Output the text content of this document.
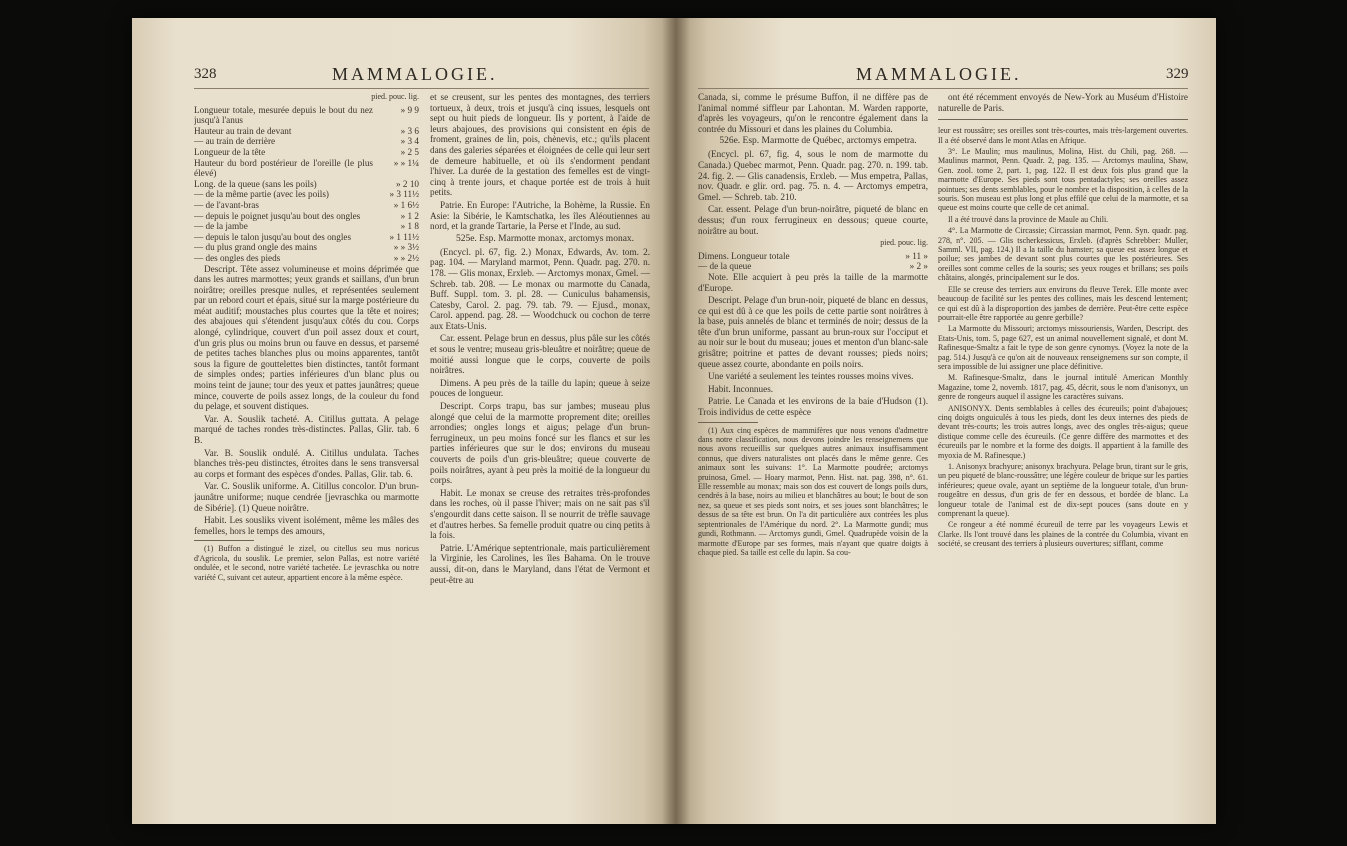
328	MAMMALOGIE.

pied. pouc. lig.

Longueur totale, mesurée depuis le bout du nez jusqu'à l'anus
» 9 9
Hauteur au train de devant	» 3 6
— au train de derrière	» 3 4
Longueur de la tête	» 2 5
Hauteur du bord postérieur de l'oreille (le plus élevé)
» » 1¼
Long. de la queue (sans les poils)	» 2 10
— de la même partie (avec les poils)	» 3 11½
— de l'avant-bras	» 1 6½
— depuis le poignet jusqu'au bout des ongles	» 1 2
— de la jambe	» 1 8
— depuis le talon jusqu'au bout des ongles	» 1 11½
— du plus grand ongle des mains	» » 3½
— des ongles des pieds	» » 2½

Descript. Tête assez volumineuse et moins déprimée que dans les autres marmottes; yeux grands et saillans, d'un brun noirâtre; oreilles presque nulles, et représentées seulement par un rebord court et épais, situé sur la marge postérieure du méat auditif; moustaches plus courtes que la tête et noires; des abajoues qui s'étendent jusqu'aux côtés du cou. Corps alongé, cylindrique, couvert d'un poil assez doux et court, d'un gris plus ou moins brun ou fauve en dessus, et parsemé de petites taches blanches plus ou moins apparentes, tantôt sous la figure de gouttelettes bien distinctes, tantôt formant de simples ondes; parties inférieures d'un blanc plus ou moins teint de jaune; tour des yeux et pattes jaunâtres; queue mince, couverte de poils assez longs, de la couleur du fond du pelage, et souvent distiques.

Var. A. Souslik tacheté. A. Citillus guttata. A pelage marqué de taches rondes très-distinctes. Pallas, Glir. tab. 6 B.

Var. B. Souslik ondulé. A. Citillus undulata. Taches blanches très-peu distinctes, étroites dans le sens transversal au corps et formant des espèces d'ondes. Pallas, Glir. tab. 6.

Var. C. Souslik uniforme. A. Citillus concolor. D'un brun-jaunâtre uniforme; nuque cendrée [jevraschka ou marmotte de Sibérie]. (1) Queue noirâtre.

Habit. Les sousliks vivent isolément, même les mâles des femelles, hors le temps des amours,

(1) Buffon a distingué le zizel, ou citellus seu mus noricus d'Agricola, du souslik. Le premier, selon Pallas, est notre variété ondulée, et le second, notre variété tachetée. Le jevraschka ou notre variété C, suivant cet auteur, appartient encore à la même espèce.

et se creusent, sur les pentes des montagnes, des terriers tortueux, à deux, trois et jusqu'à cinq issues, lesquels ont sept ou huit pieds de longueur. Ils y portent, à l'aide de leurs abajoues, des provisions qui consistent en épis de froment, graines de lin, pois, chènevis, etc.; qu'ils placent dans des galeries séparées et éloignées de celle qui leur sert de demeure habituelle, et où ils s'endorment pendant l'hiver. La durée de la gestation des femelles est de vingt-cinq à trente jours, et chaque portée est de trois à huit petits.

Patrie. En Europe: l'Autriche, la Bohème, la Russie. En Asie: la Sibérie, le Kamtschatka, les îles Aléoutiennes au nord, et la grande Tartarie, la Perse et l'Inde, au sud.

525e. Esp. Marmotte monax, arctomys monax.

(Encycl. pl. 67, fig. 2.) Monax, Edwards, Av. tom. 2. pag. 104. — Maryland marmot, Penn. Quadr. pag. 270. n. 178. — Glis monax, Erxleb. — Arctomys monax, Gmel. — Schreb. tab. 208. — Le monax ou marmotte du Canada, Buff. Suppl. tom. 3. pl. 28. — Cuniculus bahamensis, Catesby, Carol. 2. pag. 79. tab. 79. — Ejusd., monax, Carol. append. pag. 28. — Woodchuck ou cochon de terre aux Etats-Unis.

Car. essent. Pelage brun en dessus, plus pâle sur les côtés et sous le ventre; museau gris-bleuâtre et noirâtre; queue de moitié aussi longue que le corps, couverte de poils noirâtres.

Dimens. A peu près de la taille du lapin; queue à seize pouces de longueur.

Descript. Corps trapu, bas sur jambes; museau plus alongé que celui de la marmotte proprement dite; oreilles arrondies; ongles longs et aigus; pelage d'un brun-ferrugineux, un peu moins foncé sur les flancs et sur les parties inférieures que sur le dos; environs du museau couverts de poils d'un gris-bleuâtre; queue couverte de poils noirâtres, ayant à peu près la moitié de la longueur du corps.

Habit. Le monax se creuse des retraites très-profondes dans les roches, où il passe l'hiver; mais on ne sait pas s'il s'engourdit dans cette saison. Il se nourrit de trèfle sauvage et d'autres herbes. Sa femelle produit quatre ou cinq petits à la fois.

Patrie. L'Amérique septentrionale, mais particulièrement la Virginie, les Carolines, les îles Bahama. On le trouve aussi, dit-on, dans le Maryland, dans l'état de Vermont et peut-être au

MAMMALOGIE.	329

Canada, si, comme le présume Buffon, il ne diffère pas de l'animal nommé siffleur par Lahontan. M. Warden rapporte, d'après les voyageurs, qu'on le rencontre également dans la contrée du Missouri et dans les plaines du Columbia.

526e. Esp. Marmotte de Québec, arctomys empetra.

(Encycl. pl. 67, fig. 4, sous le nom de marmotte du Canada.) Quebec marmot, Penn. Quadr. pag. 270. n. 199. tab. 24. fig. 2. — Glis canadensis, Erxleb. — Mus empetra, Pallas, nov. Quadr. e glir. ord. pag. 75. n. 4. — Arctomys empetra, Gmel. — Schreb. tab. 210.

Car. essent. Pelage d'un brun-noirâtre, piqueté de blanc en dessus; d'un roux ferrugineux en dessous; queue courte, noirâtre au bout.

pied. pouc. lig.

Dimens. Longueur totale	» 11 »
— de la queue	» 2 »

Note. Elle acquiert à peu près la taille de la marmotte d'Europe.

Descript. Pelage d'un brun-noir, piqueté de blanc en dessus, ce qui est dû à ce que les poils de cette partie sont noirâtres à la base, puis annelés de blanc et terminés de noir; dessus de la tête d'un brun uniforme, passant au brun-roux sur l'occiput et au noir sur le bout du museau; joues et menton d'un blanc-sale grisâtre; poitrine et pattes de devant rousses; pieds noirs; queue assez courte, abondante en poils noirs.

Une variété a seulement les teintes rousses moins vives.

Habit. Inconnues.

Patrie. Le Canada et les environs de la baie d'Hudson (1). Trois individus de cette espèce

(1) Aux cinq espèces de mammifères que nous venons d'admettre dans notre classification, nous devons joindre les renseignemens que nous avons recueillis sur quelques autres animaux insuffisamment connus, que divers naturalistes ont placés dans le même genre. Ces animaux sont les suivans: 1°. La Marmotte poudrée; arctomys pruinosa, Gmel. — Hoary marmot, Penn. Hist. nat. pag. 398, n°. 61. Elle ressemble au monax; mais son dos est couvert de longs poils durs, cendrés à la base, noirs au milieu et blanchâtres au bout; le bout de son nez, sa queue et ses pieds sont noirs, et ses joues sont blanchâtres; le dessus de sa tête est brun. On l'a dit particulière aux contrées les plus septentrionales de l'Amérique du nord. 2°. La Marmotte gundi; mus gundi, Rothmann. — Arctomys gundi, Gmel. Quadrupède voisin de la marmotte d'Europe par ses formes, mais n'ayant que quatre doigts à chaque pied. Sa taille est celle du lapin. Sa cou-

ont été récemment envoyés de New-York au Muséum d'Histoire naturelle de Paris.

leur est roussâtre; ses oreilles sont très-courtes, mais très-largement ouvertes. Il a été observé dans le mont Atlas en Afrique.

3°. Le Maulin; mus maulinus, Molina, Hist. du Chili, pag. 268. — Maulinus marmot, Penn. Quadr. 2, pag. 135. — Arctomys maulina, Shaw, Gen. zool. tome 2, part. 1, pag. 122. Il est deux fois plus grand que la marmotte d'Europe. Ses pieds sont tous pentadactyles; ses oreilles assez pointues; ses dents semblables, pour le nombre et la disposition, à celles de la souris. Son museau est plus long et plus effilé que celui de la marmotte, et sa queue est moins courte que celle de cet animal.

Il a été trouvé dans la province de Maule au Chili.

4°. La Marmotte de Circassie; Circassian marmot, Penn. Syn. quadr. pag. 278, n°. 205. — Glis tscherkessicus, Erxleb. (d'après Schrebber: Muller, Samml. VII, pag. 124.) Il a la taille du hamster; sa queue est assez longue et poilue; ses jambes de devant sont plus courtes que les postérieures. Ses oreilles sont comme celles de la souris; ses yeux rouges et brillans; ses poils châtains, alongés, principalement sur le dos.

Elle se creuse des terriers aux environs du fleuve Terek. Elle monte avec beaucoup de facilité sur les pentes des collines, mais les descend lentement; ce qui est dû à la disproportion des jambes de derrière. Peut-être cette espèce pourrait-elle être rapportée au genre gerbille?

La Marmotte du Missouri; arctomys missouriensis, Warden, Descript. des Etats-Unis, tom. 5, page 627, est un animal nouvellement signalé, et dont M. Rafinesque-Smaltz a fait le type de son genre cynomys. (Voyez la note de la pag. 514.) Jusqu'à ce qu'on ait de nouveaux renseignemens sur son compte, il sera impossible de lui assigner une place définitive.

M. Rafinesque-Smaltz, dans le journal intitulé American Monthly Magazine, tome 2, novemb. 1817, pag. 45, décrit, sous le nom d'anisonyx, un genre de rongeurs auquel il assigne les caractères suivans.

ANISONYX. Dents semblables à celles des écureuils; point d'abajoues; cinq doigts onguiculés à tous les pieds, dont les deux internes des pieds de devant très-courts; les trois autres longs, avec des ongles très-aigus; queue distique comme celle des écureuils. (Ce genre diffère des marmottes et des écureuils par le nombre et la forme des doigts. Il appartient à la famille des myoxia de M. Rafinesque.)

1. Anisonyx brachyure; anisonyx brachyura. Pelage brun, tirant sur le gris, un peu piqueté de blanc-roussâtre; une légère couleur de brique sur les parties inférieures; queue ovale, ayant un septième de la longueur totale, d'un brun-rougeâtre en dessus, d'un gris de fer en dessous, et bordée de blanc. La longueur totale de l'animal est de dix-sept pouces (sans doute en y comprenant la queue).

Ce rongeur a été nommé écureuil de terre par les voyageurs Lewis et Clarke. Ils l'ont trouvé dans les plaines de la contrée du Columbia, vivant en société, se creusant des terriers à plusieurs ouvertures; sifflant, comme
